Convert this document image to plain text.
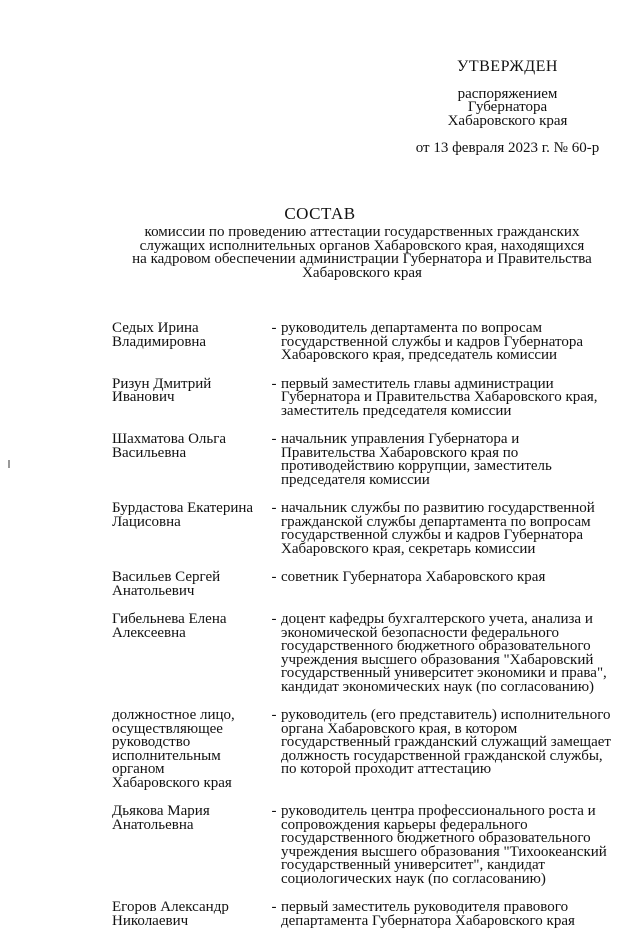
УТВЕРЖДЕН
распоряжением
Губернатора
Хабаровского края
от 13 февраля 2023 г. № 60-р
СОСТАВ
комиссии по проведению аттестации государственных гражданских
служащих исполнительных органов Хабаровского края, находящихся
на кадровом обеспечении администрации Губернатора и Правительства
Хабаровского края
Седых Ирина
Владимировна
- руководитель департамента по вопросам
государственной службы и кадров Губернатора
Хабаровского края, председатель комиссии
Ризун Дмитрий
Иванович
- первый заместитель главы администрации
Губернатора и Правительства Хабаровского края,
заместитель председателя комиссии
Шахматова Ольга
Васильевна
- начальник управления Губернатора и
Правительства Хабаровского края по
противодействию коррупции, заместитель
председателя комиссии
Бурдастова Екатерина
Лацисовна
- начальник службы по развитию государственной
гражданской службы департамента по вопросам
государственной службы и кадров Губернатора
Хабаровского края, секретарь комиссии
Васильев Сергей
Анатольевич
- советник Губернатора Хабаровского края
Гибельнева Елена
Алексеевна
- доцент кафедры бухгалтерского учета, анализа и
экономической безопасности федерального
государственного бюджетного образовательного
учреждения высшего образования "Хабаровский
государственный университет экономики и права",
кандидат экономических наук (по согласованию)
должностное лицо,
осуществляющее
руководство
исполнительным
органом
Хабаровского края
- руководитель (его представитель) исполнительного
органа Хабаровского края, в котором
государственный гражданский служащий замещает
должность государственной гражданской службы,
по которой проходит аттестацию
Дьякова Мария
Анатольевна
- руководитель центра профессионального роста и
сопровождения карьеры федерального
государственного бюджетного образовательного
учреждения высшего образования "Тихоокеанский
государственный университет", кандидат
социологических наук (по согласованию)
Егоров Александр
Николаевич
- первый заместитель руководителя правового
департамента Губернатора Хабаровского края
